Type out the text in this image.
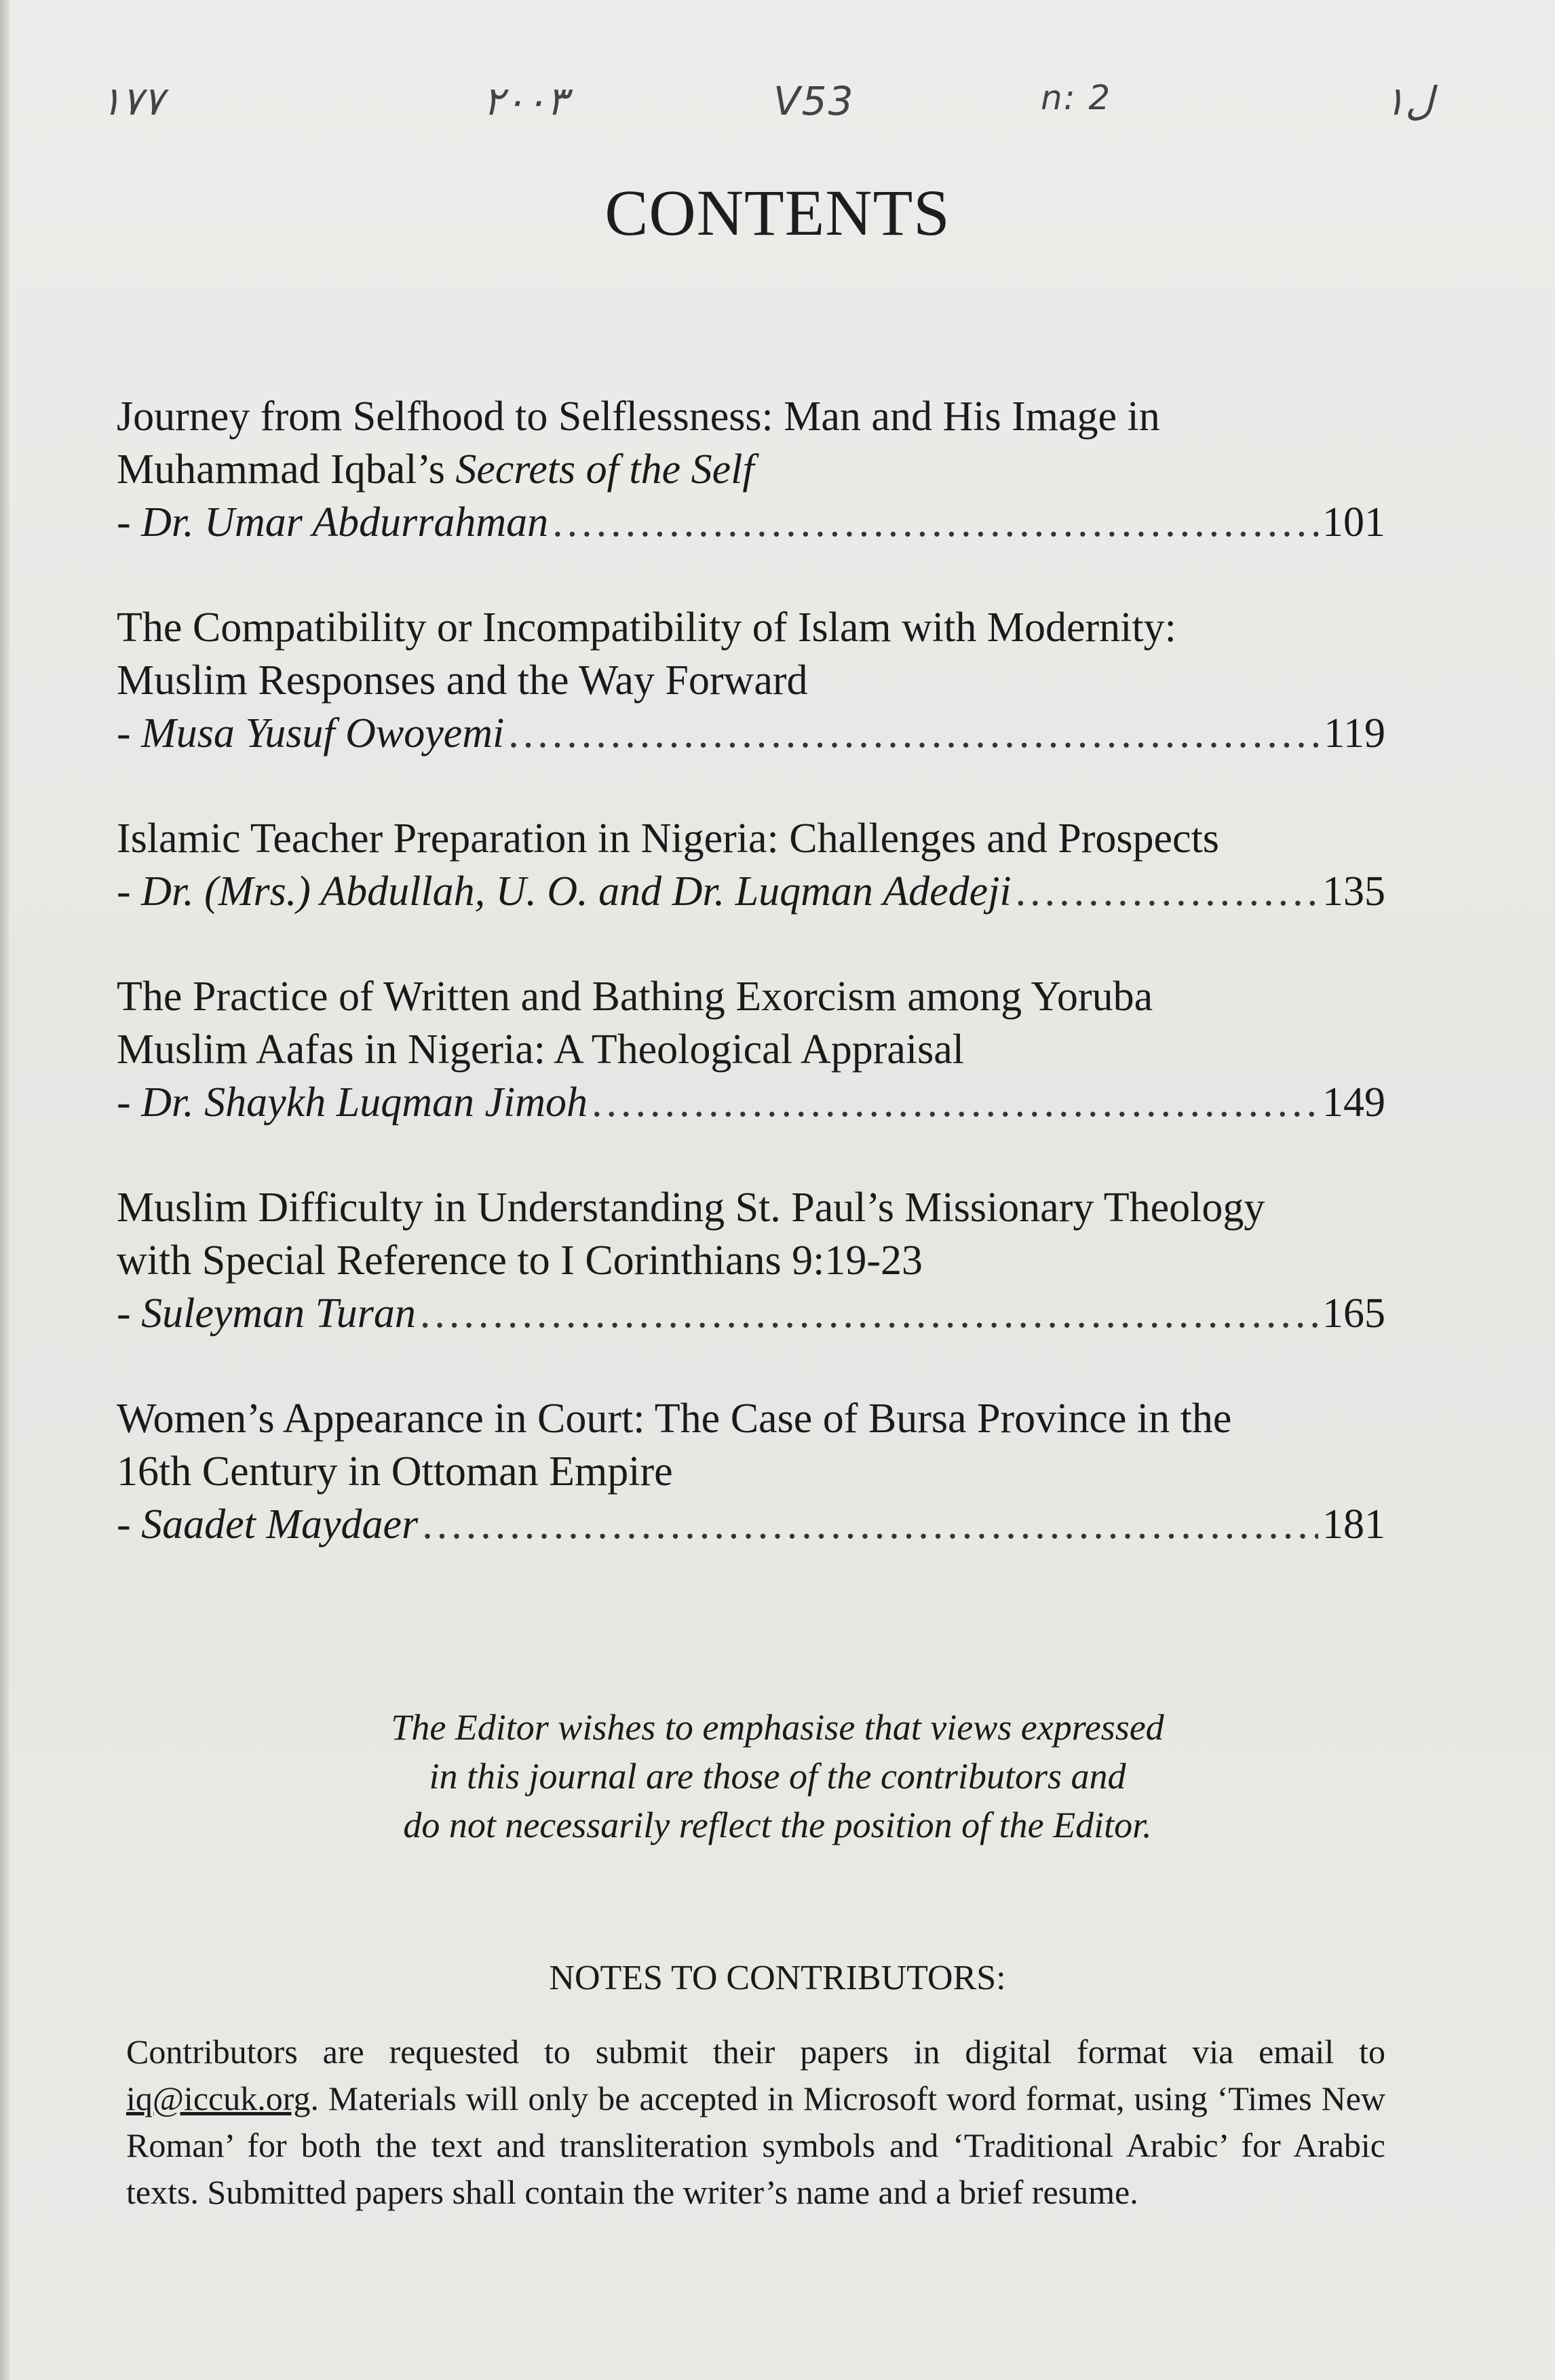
١٧٧	٢٠٠٣	V53	n: 2	ل١
CONTENTS
Journey from Selfhood to Selflessness: Man and His Image in
Muhammad Iqbal’s Secrets of the Self
- Dr. Umar Abdurrahman .....	101
The Compatibility or Incompatibility of Islam with Modernity:
Muslim Responses and the Way Forward
- Musa Yusuf Owoyemi .....	119
Islamic Teacher Preparation in Nigeria: Challenges and Prospects
- Dr. (Mrs.) Abdullah, U. O. and Dr. Luqman Adedeji .....	135
The Practice of Written and Bathing Exorcism among Yoruba
Muslim Aafas in Nigeria: A Theological Appraisal
- Dr. Shaykh Luqman Jimoh .....	149
Muslim Difficulty in Understanding St. Paul’s Missionary Theology
with Special Reference to I Corinthians 9:19-23
- Suleyman Turan .....	165
Women’s Appearance in Court: The Case of Bursa Province in the
16th Century in Ottoman Empire
- Saadet Maydaer .....	181
The Editor wishes to emphasise that views expressed
in this journal are those of the contributors and
do not necessarily reflect the position of the Editor.
NOTES TO CONTRIBUTORS:
Contributors are requested to submit their papers in digital format via email to iq@iccuk.org. Materials will only be accepted in Microsoft word format, using ‘Times New Roman’ for both the text and transliteration symbols and ‘Traditional Arabic’ for Arabic texts. Submitted papers shall contain the writer’s name and a brief resume.
